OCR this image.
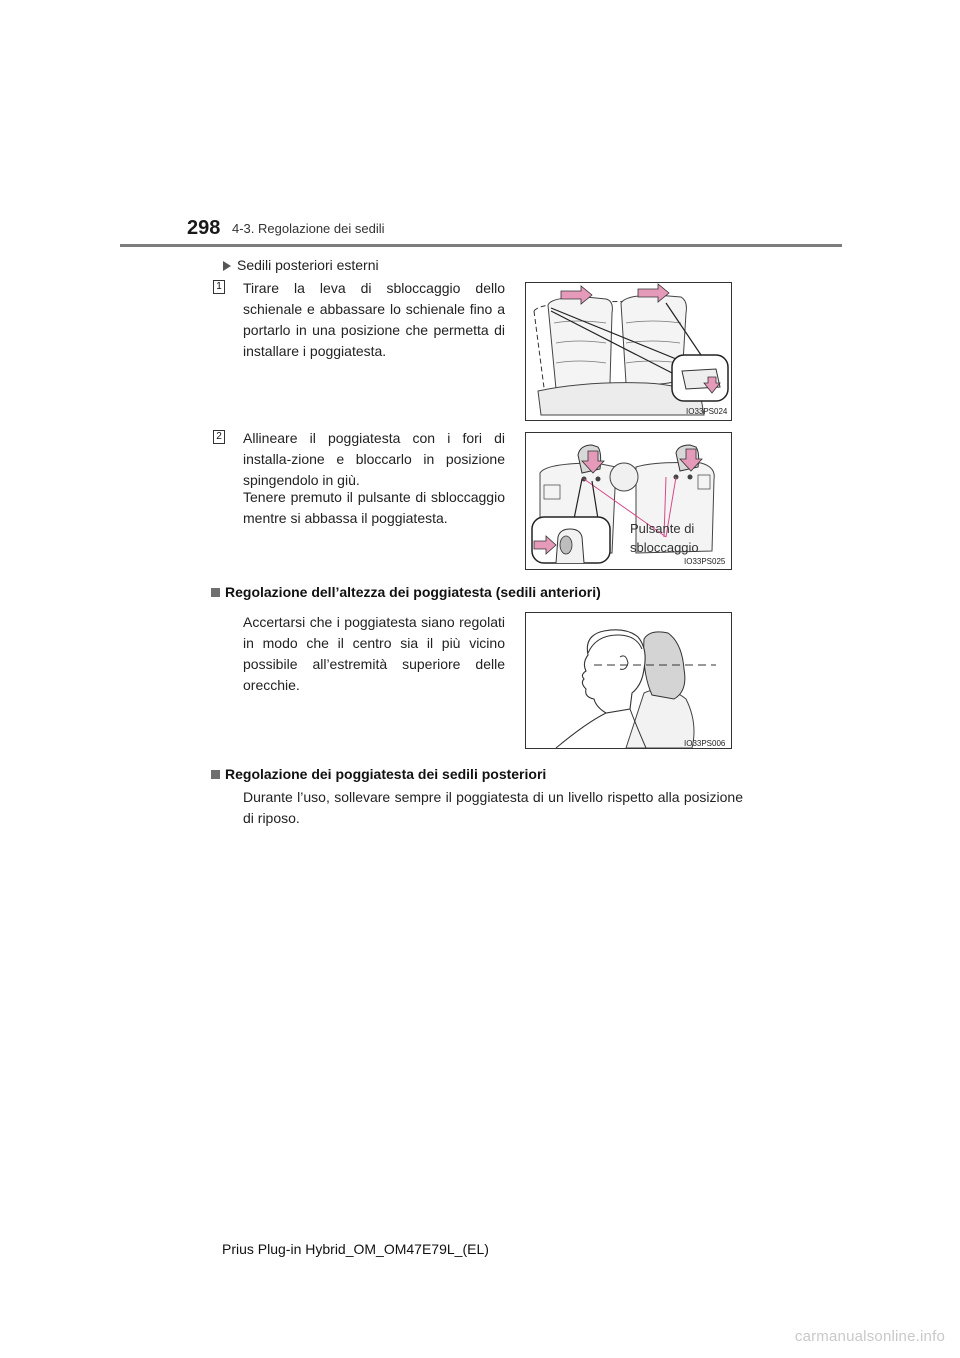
298 4-3. Regolazione dei sedili
Sedili posteriori esterni
1 Tirare la leva di sbloccaggio dello schienale e abbassare lo schienale fino a portarlo in una posizione che permetta di installare i poggiatesta.
IO33PS024
2 Allineare il poggiatesta con i fori di installa-zione e bloccarlo in posizione spingendolo in giù.
Tenere premuto il pulsante di sbloccaggio mentre si abbassa il poggiatesta.
Pulsante di
sbloccaggio
IO33PS025
Regolazione dell’altezza dei poggiatesta (sedili anteriori)
Accertarsi che i poggiatesta siano regolati in modo che il centro sia il più vicino possibile all’estremità superiore delle orecchie.
IO33PS006
Regolazione dei poggiatesta dei sedili posteriori
Durante l’uso, sollevare sempre il poggiatesta di un livello rispetto alla posizione di riposo.
Prius Plug-in Hybrid_OM_OM47E79L_(EL)
carmanualsonline.info
